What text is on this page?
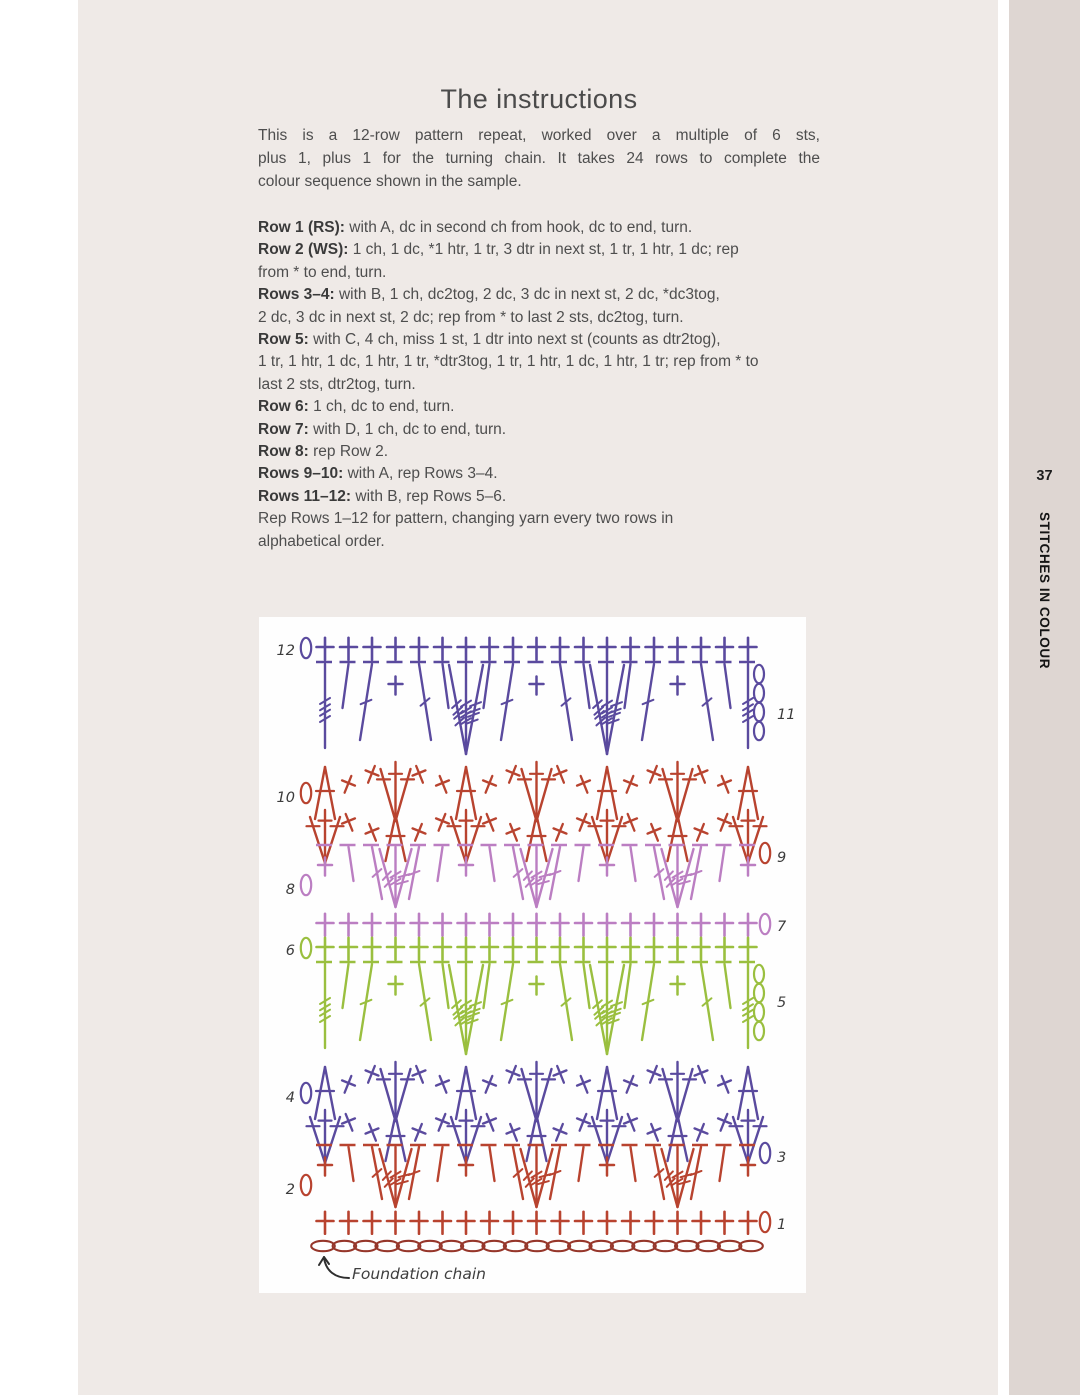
The instructions
This is a 12-row pattern repeat, worked over a multiple of 6 sts,
plus 1, plus 1 for the turning chain. It takes 24 rows to complete the
colour sequence shown in the sample.
Row 1 (RS): with A, dc in second ch from hook, dc to end, turn.
Row 2 (WS): 1 ch, 1 dc, *1 htr, 1 tr, 3 dtr in next st, 1 tr, 1 htr, 1 dc; rep
from * to end, turn.
Rows 3–4: with B, 1 ch, dc2tog, 2 dc, 3 dc in next st, 2 dc, *dc3tog,
2 dc, 3 dc in next st, 2 dc; rep from * to last 2 sts, dc2tog, turn.
Row 5: with C, 4 ch, miss 1 st, 1 dtr into next st (counts as dtr2tog),
1 tr, 1 htr, 1 dc, 1 htr, 1 tr, *dtr3tog, 1 tr, 1 htr, 1 dc, 1 htr, 1 tr; rep from * to
last 2 sts, dtr2tog, turn.
Row 6: 1 ch, dc to end, turn.
Row 7: with D, 1 ch, dc to end, turn.
Row 8: rep Row 2.
Rows 9–10: with A, rep Rows 3–4.
Rows 11–12: with B, rep Rows 5–6.
Rep Rows 1–12 for pattern, changing yarn every two rows in
alphabetical order.
12
11
10
9
8
7
6
5
4
3
2
1
Foundation chain
37
STITCHES IN COLOUR
